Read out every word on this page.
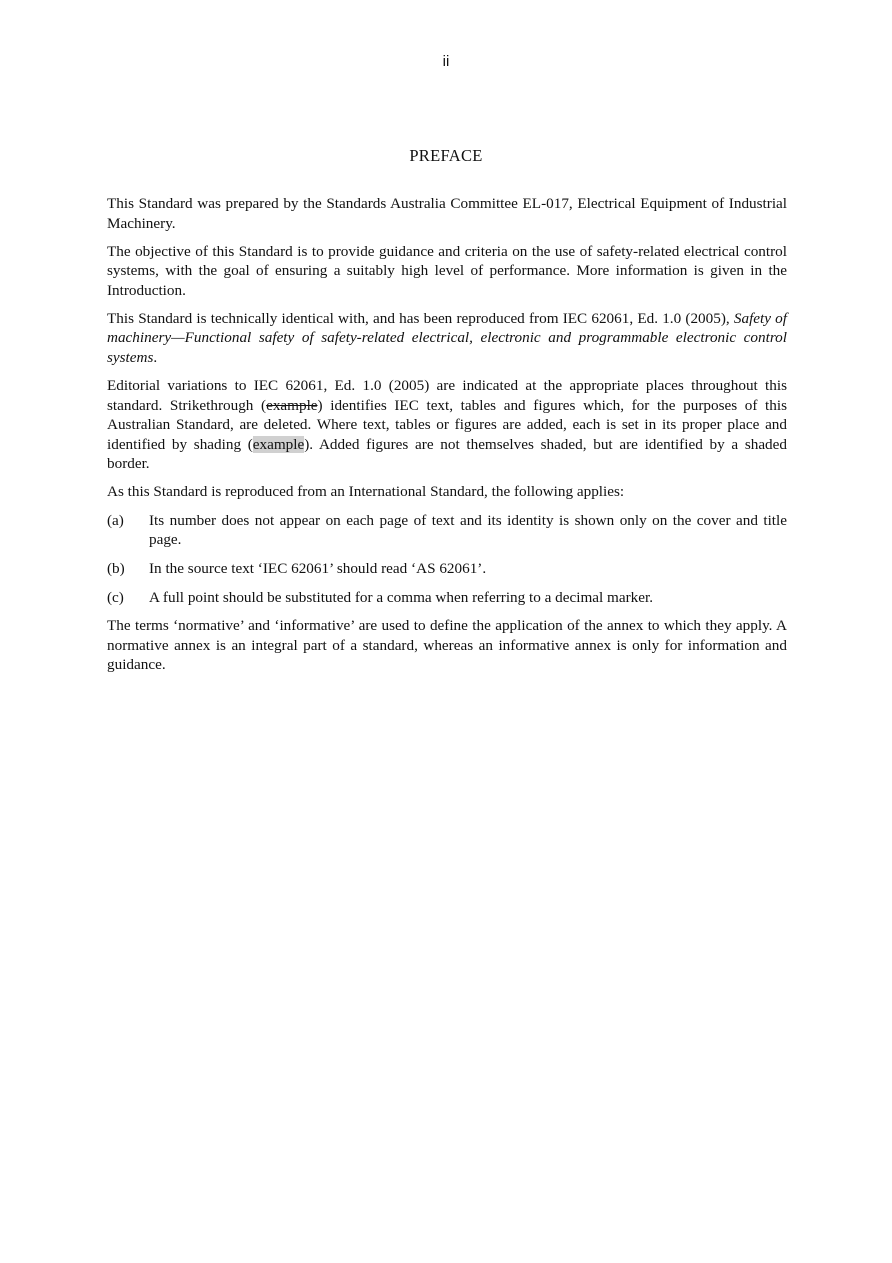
ii
PREFACE

This Standard was prepared by the Standards Australia Committee EL-017, Electrical Equipment of Industrial Machinery.

The objective of this Standard is to provide guidance and criteria on the use of safety-related electrical control systems, with the goal of ensuring a suitably high level of performance. More information is given in the Introduction.

This Standard is technically identical with, and has been reproduced from IEC 62061, Ed. 1.0 (2005), Safety of machinery—Functional safety of safety-related electrical, electronic and programmable electronic control systems.

Editorial variations to IEC 62061, Ed. 1.0 (2005) are indicated at the appropriate places throughout this standard. Strikethrough (example) identifies IEC text, tables and figures which, for the purposes of this Australian Standard, are deleted. Where text, tables or figures are added, each is set in its proper place and identified by shading (example). Added figures are not themselves shaded, but are identified by a shaded border.

As this Standard is reproduced from an International Standard, the following applies:

(a)	Its number does not appear on each page of text and its identity is shown only on the cover and title page.
(b)	In the source text ‘IEC 62061’ should read ‘AS 62061’.
(c)	A full point should be substituted for a comma when referring to a decimal marker.

The terms ‘normative’ and ‘informative’ are used to define the application of the annex to which they apply. A normative annex is an integral part of a standard, whereas an informative annex is only for information and guidance.
